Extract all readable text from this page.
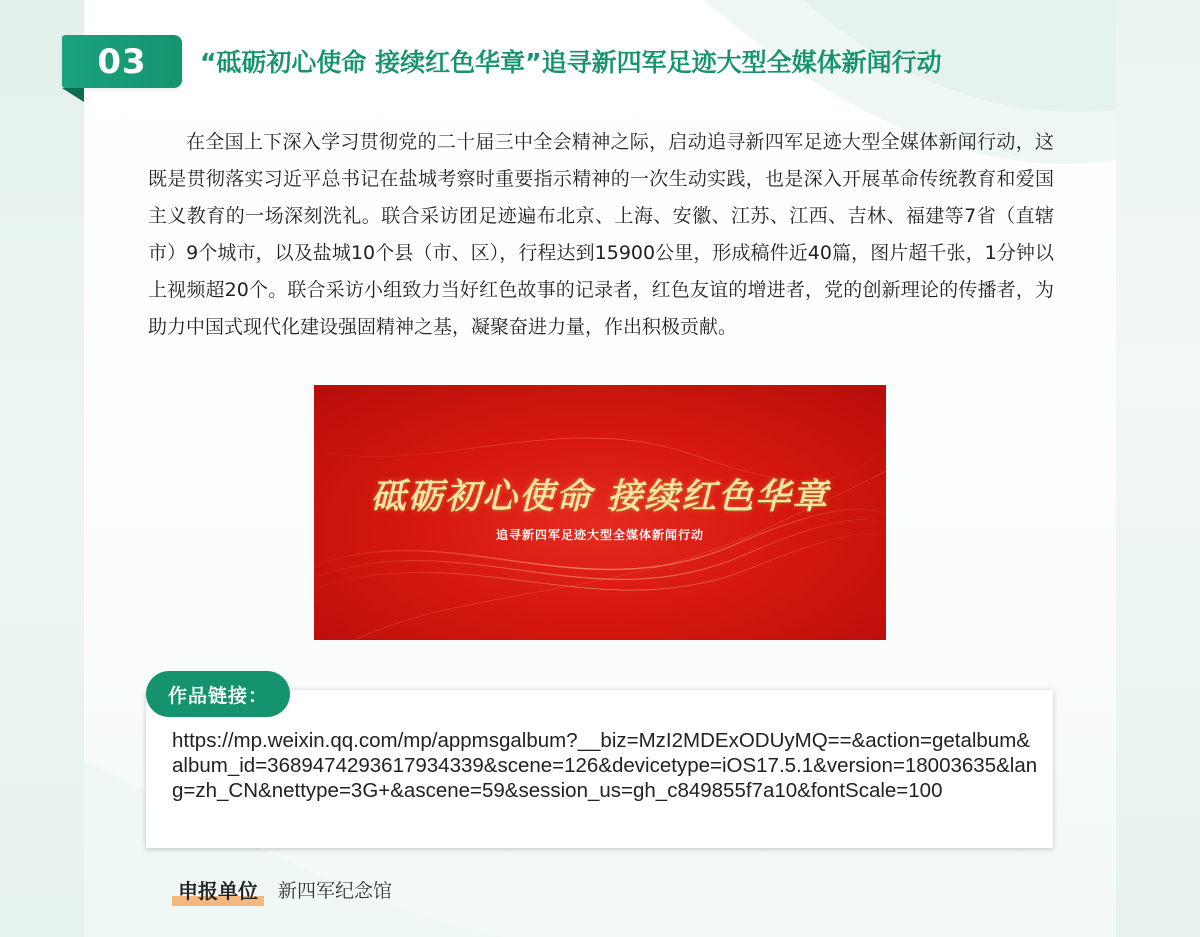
03	“砥砺初心使命 接续红色华章”追寻新四军足迹大型全媒体新闻行动

在全国上下深入学习贯彻党的二十届三中全会精神之际，启动追寻新四军足迹大型全媒体新闻行动，这既是贯彻落实习近平总书记在盐城考察时重要指示精神的一次生动实践，也是深入开展革命传统教育和爱国主义教育的一场深刻洗礼。联合采访团足迹遍布北京、上海、安徽、江苏、江西、吉林、福建等7省（直辖市）9个城市，以及盐城10个县（市、区），行程达到15900公里，形成稿件近40篇，图片超千张，1分钟以上视频超20个。联合采访小组致力当好红色故事的记录者，红色友谊的增进者，党的创新理论的传播者，为助力中国式现代化建设强固精神之基，凝聚奋进力量，作出积极贡献。

砥砺初心使命 接续红色华章
追寻新四军足迹大型全媒体新闻行动
作品链接：
https://mp.weixin.qq.com/mp/appmsgalbum?__biz=MzI2MDExODUyMQ==&action=getalbum&album_id=3689474293617934339&scene=126&devicetype=iOS17.5.1&version=18003635&lang=zh_CN&nettype=3G+&ascene=59&session_us=gh_c849855f7a10&fontScale=100
申报单位	新四军纪念馆
